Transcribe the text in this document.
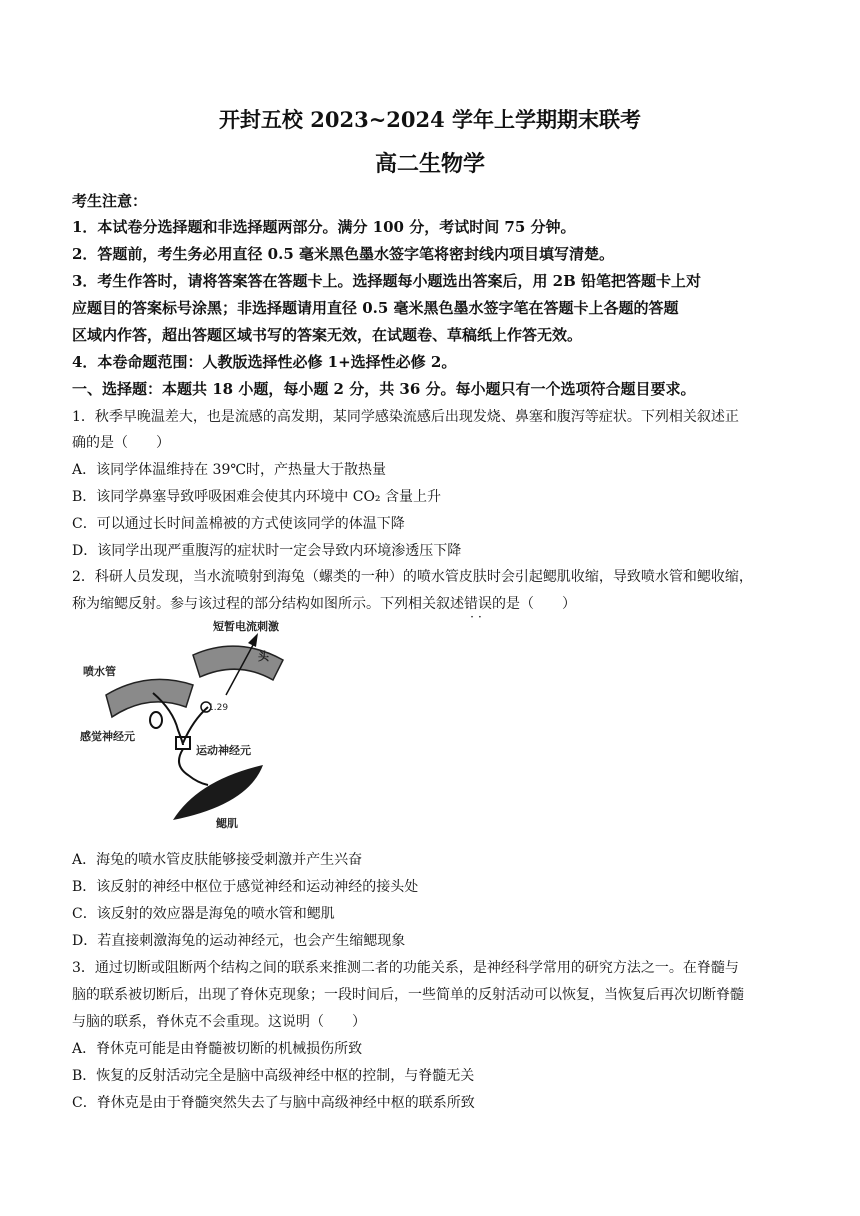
开封五校 2023~2024 学年上学期期末联考
高二生物学
考生注意：
1．本试卷分选择题和非选择题两部分。满分 100 分，考试时间 75 分钟。
2．答题前，考生务必用直径 0.5 毫米黑色墨水签字笔将密封线内项目填写清楚。
3．考生作答时，请将答案答在答题卡上。选择题每小题选出答案后，用 2B 铅笔把答题卡上对
应题目的答案标号涂黑；非选择题请用直径 0.5 毫米黑色墨水签字笔在答题卡上各题的答题
区域内作答，超出答题区域书写的答案无效，在试题卷、草稿纸上作答无效。
4．本卷命题范围：人教版选择性必修 1+选择性必修 2。
一、选择题：本题共 18 小题，每小题 2 分，共 36 分。每小题只有一个选项符合题目要求。
1．秋季早晚温差大，也是流感的高发期，某同学感染流感后出现发烧、鼻塞和腹泻等症状。下列相关叙述正
确的是（　　）
A．该同学体温维持在 39℃时，产热量大于散热量
B．该同学鼻塞导致呼吸困难会使其内环境中 CO₂ 含量上升
C．可以通过长时间盖棉被的方式使该同学的体温下降
D．该同学出现严重腹泻的症状时一定会导致内环境渗透压下降
2．科研人员发现，当水流喷射到海兔（螺类的一种）的喷水管皮肤时会引起鳃肌收缩，导致喷水管和鳃收缩，
称为缩鳃反射。参与该过程的部分结构如图所示。下列相关叙述错误 ··的是（　　）
短暂电流刺激
喷水管
感觉神经元
运动神经元
鳃肌
头
1.29
A．海兔的喷水管皮肤能够接受刺激并产生兴奋
B．该反射的神经中枢位于感觉神经和运动神经的接头处
C．该反射的效应器是海兔的喷水管和鳃肌
D．若直接刺激海兔的运动神经元，也会产生缩鳃现象
3．通过切断或阻断两个结构之间的联系来推测二者的功能关系，是神经科学常用的研究方法之一。在脊髓与
脑的联系被切断后，出现了脊休克现象；一段时间后，一些简单的反射活动可以恢复，当恢复后再次切断脊髓
与脑的联系，脊休克不会重现。这说明（　　）
A．脊休克可能是由脊髓被切断的机械损伤所致
B．恢复的反射活动完全是脑中高级神经中枢的控制，与脊髓无关
C．脊休克是由于脊髓突然失去了与脑中高级神经中枢的联系所致
